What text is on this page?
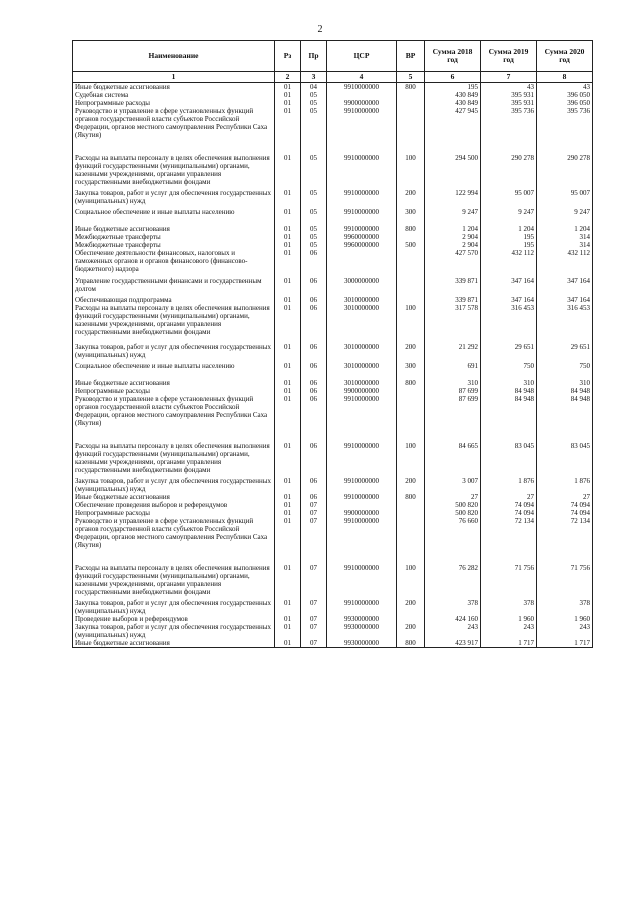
2
Наименование	Рз	Пр	ЦСР	ВР	Сумма 2018 год	Сумма 2019 год	Сумма 2020 год
1	2	3	4	5	6	7	8
Иные бюджетные ассигнования	01	04	9910000000	800	195	43	43
Судебная система	01	05			430 849	395 931	396 050
Непрограммные расходы	01	05	9900000000		430 849	395 931	396 050
Руководство и управление в сфере установленных функций органов государственной власти субъектов Российской Федерации, органов местного самоуправления Республики Саха (Якутия)	01	05	9910000000		427 945	395 736	395 736
Расходы на выплаты персоналу в целях обеспечения выполнения функций государственными (муниципальными) органами, казенными учреждениями, органами управления государственными внебюджетными фондами	01	05	9910000000	100	294 500	290 278	290 278
Закупка товаров, работ и услуг для обеспечения государственных (муниципальных) нужд	01	05	9910000000	200	122 994	95 007	95 007
Социальное обеспечение и иные выплаты населению	01	05	9910000000	300	9 247	9 247	9 247
Иные бюджетные ассигнования	01	05	9910000000	800	1 204	1 204	1 204
Межбюджетные трансферты	01	05	9960000000		2 904	195	314
Межбюджетные трансферты	01	05	9960000000	500	2 904	195	314
Обеспечение деятельности финансовых, налоговых и таможенных органов и органов финансового (финансово-бюджетного) надзора	01	06			427 570	432 112	432 112
Управление государственными финансами и государственным долгом	01	06	3000000000		339 871	347 164	347 164
Обеспечивающая подпрограмма	01	06	3010000000		339 871	347 164	347 164
Расходы на выплаты персоналу в целях обеспечения выполнения функций государственными (муниципальными) органами, казенными учреждениями, органами управления государственными внебюджетными фондами	01	06	3010000000	100	317 578	316 453	316 453
Закупка товаров, работ и услуг для обеспечения государственных (муниципальных) нужд	01	06	3010000000	200	21 292	29 651	29 651
Социальное обеспечение и иные выплаты населению	01	06	3010000000	300	691	750	750
Иные бюджетные ассигнования	01	06	3010000000	800	310	310	310
Непрограммные расходы	01	06	9900000000		87 699	84 948	84 948
Руководство и управление в сфере установленных функций органов государственной власти субъектов Российской Федерации, органов местного самоуправления Республики Саха (Якутия)	01	06	9910000000		87 699	84 948	84 948
Расходы на выплаты персоналу в целях обеспечения выполнения функций государственными (муниципальными) органами, казенными учреждениями, органами управления государственными внебюджетными фондами	01	06	9910000000	100	84 665	83 045	83 045
Закупка товаров, работ и услуг для обеспечения государственных (муниципальных) нужд	01	06	9910000000	200	3 007	1 876	1 876
Иные бюджетные ассигнования	01	06	9910000000	800	27	27	27
Обеспечение проведения выборов и референдумов	01	07			500 820	74 094	74 094
Непрограммные расходы	01	07	9900000000		500 820	74 094	74 094
Руководство и управление в сфере установленных функций органов государственной власти субъектов Российской Федерации, органов местного самоуправления Республики Саха (Якутия)	01	07	9910000000		76 660	72 134	72 134
Расходы на выплаты персоналу в целях обеспечения выполнения функций государственными (муниципальными) органами, казенными учреждениями, органами управления государственными внебюджетными фондами	01	07	9910000000	100	76 282	71 756	71 756
Закупка товаров, работ и услуг для обеспечения государственных (муниципальных) нужд	01	07	9910000000	200	378	378	378
Проведение выборов и референдумов	01	07	9930000000		424 160	1 960	1 960
Закупка товаров, работ и услуг для обеспечения государственных (муниципальных) нужд	01	07	9930000000	200	243	243	243
Иные бюджетные ассигнования	01	07	9930000000	800	423 917	1 717	1 717
